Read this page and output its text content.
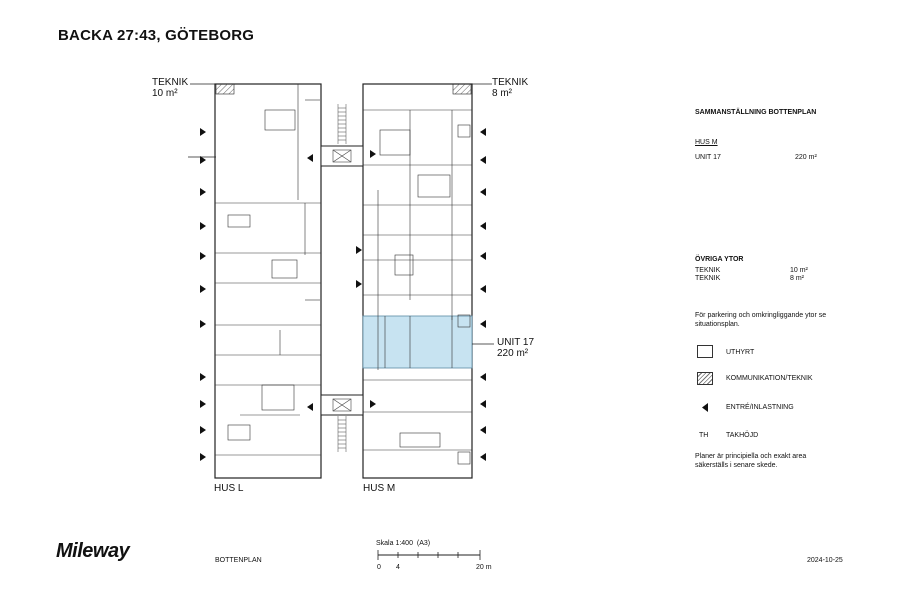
BACKA 27:43, GÖTEBORG
TEKNIK
10 m²
TEKNIK
8 m²
UNIT 17
220 m²
HUS L	HUS M
SAMMANSTÄLLNING BOTTENPLAN
HUS M
UNIT 17	220 m²
ÖVRIGA YTOR
TEKNIK	10 m²
TEKNIK	8 m²
För parkering och omkringliggande ytor se situationsplan.
UTHYRT
KOMMUNIKATION/TEKNIK
ENTRÉ/INLASTNING
TH	TAKHÖJD
Planer är principiella och exakt area säkerställs i senare skede.
Mileway	BOTTENPLAN
Skala 1:400 (A3)
0 4	20 m
2024-10-25
